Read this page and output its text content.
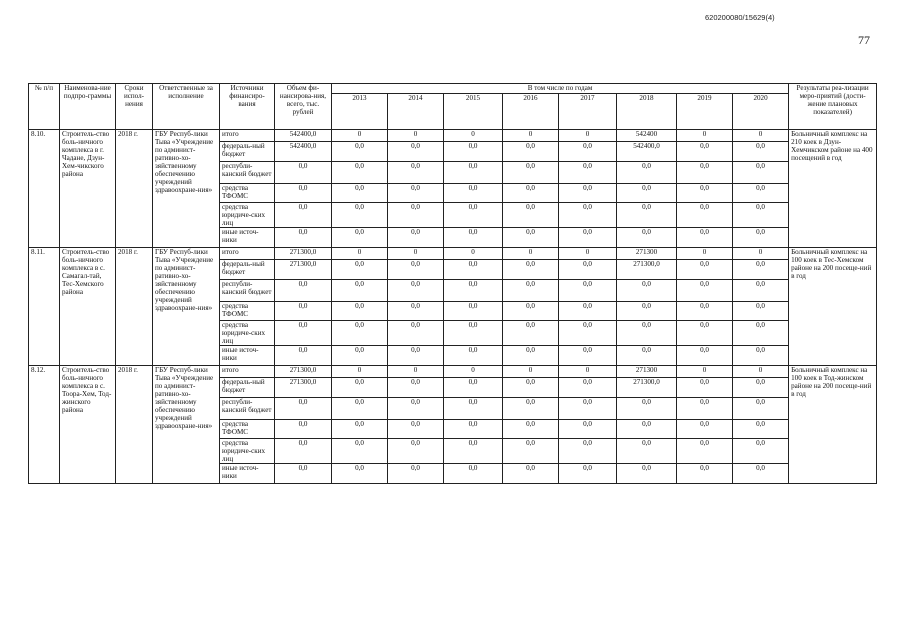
620200080/15629(4)
77
№ п/п	Наименова-ние подпро-граммы	Сроки испол-нения	Ответственные за исполнение	Источники финансиро-вания	Объем фи-нансирова-ния, всего, тыс. рублей	В том числе по годам								Результаты реа-лизации меро-приятий (дости-жение плановых показателей)
						2013	2014	2015	2016	2017	2018	2019	2020	
8.10.	Строитель-ство боль-ничного комплекса в г. Чадане, Дзун-Хем-чикского района	2018 г.	ГБУ Респуб-лики Тыва «Учреждение по админист-ративно-хо-зяйственному обеспечению учреждений здравоохране-ния»	итого	542400,0	0	0	0	0	0	542400	0	0	Больничный комплекс на 210 коек в Дзун-Хемчикском районе на 400 посещений в год
				федераль-ный бюджет	542400,0	0,0	0,0	0,0	0,0	0,0	542400,0	0,0	0,0	
				республи-канский бюджет	0,0	0,0	0,0	0,0	0,0	0,0	0,0	0,0	0,0	
				средства ТФОМС	0,0	0,0	0,0	0,0	0,0	0,0	0,0	0,0	0,0	
				средства юридиче-ских лиц	0,0	0,0	0,0	0,0	0,0	0,0	0,0	0,0	0,0	
				иные источ-ники	0,0	0,0	0,0	0,0	0,0	0,0	0,0	0,0	0,0	
8.11.	Строитель-ство боль-ничного комплекса в с. Самагал-тай, Тес-Хемского района	2018 г.	ГБУ Респуб-лики Тыва «Учреждение по админист-ративно-хо-зяйственному обеспечению учреждений здравоохране-ния»	итого	271300,0	0	0	0	0	0	271300	0	0	Больничный комплекс на 100 коек в Тес-Хемском районе на 200 посеще-ний в год
				федераль-ный бюджет	271300,0	0,0	0,0	0,0	0,0	0,0	271300,0	0,0	0,0	
				республи-канский бюджет	0,0	0,0	0,0	0,0	0,0	0,0	0,0	0,0	0,0	
				средства ТФОМС	0,0	0,0	0,0	0,0	0,0	0,0	0,0	0,0	0,0	
				средства юридиче-ских лиц	0,0	0,0	0,0	0,0	0,0	0,0	0,0	0,0	0,0	
				иные источ-ники	0,0	0,0	0,0	0,0	0,0	0,0	0,0	0,0	0,0	
8.12.	Строитель-ство боль-ничного комплекса в с. Тоора-Хем, Тод-жинского района	2018 г.	ГБУ Респуб-лики Тыва «Учреждение по админист-ративно-хо-зяйственному обеспечению учреждений здравоохране-ния»	итого	271300,0	0	0	0	0	0	271300	0	0	Больничный комплекс на 100 коек в Тод-жинском районе на 200 посеще-ний в год
				федераль-ный бюджет	271300,0	0,0	0,0	0,0	0,0	0,0	271300,0	0,0	0,0	
				республи-канский бюджет	0,0	0,0	0,0	0,0	0,0	0,0	0,0	0,0	0,0	
				средства ТФОМС	0,0	0,0	0,0	0,0	0,0	0,0	0,0	0,0	0,0	
				средства юридиче-ских лиц	0,0	0,0	0,0	0,0	0,0	0,0	0,0	0,0	0,0	
				иные источ-ники	0,0	0,0	0,0	0,0	0,0	0,0	0,0	0,0	0,0	
